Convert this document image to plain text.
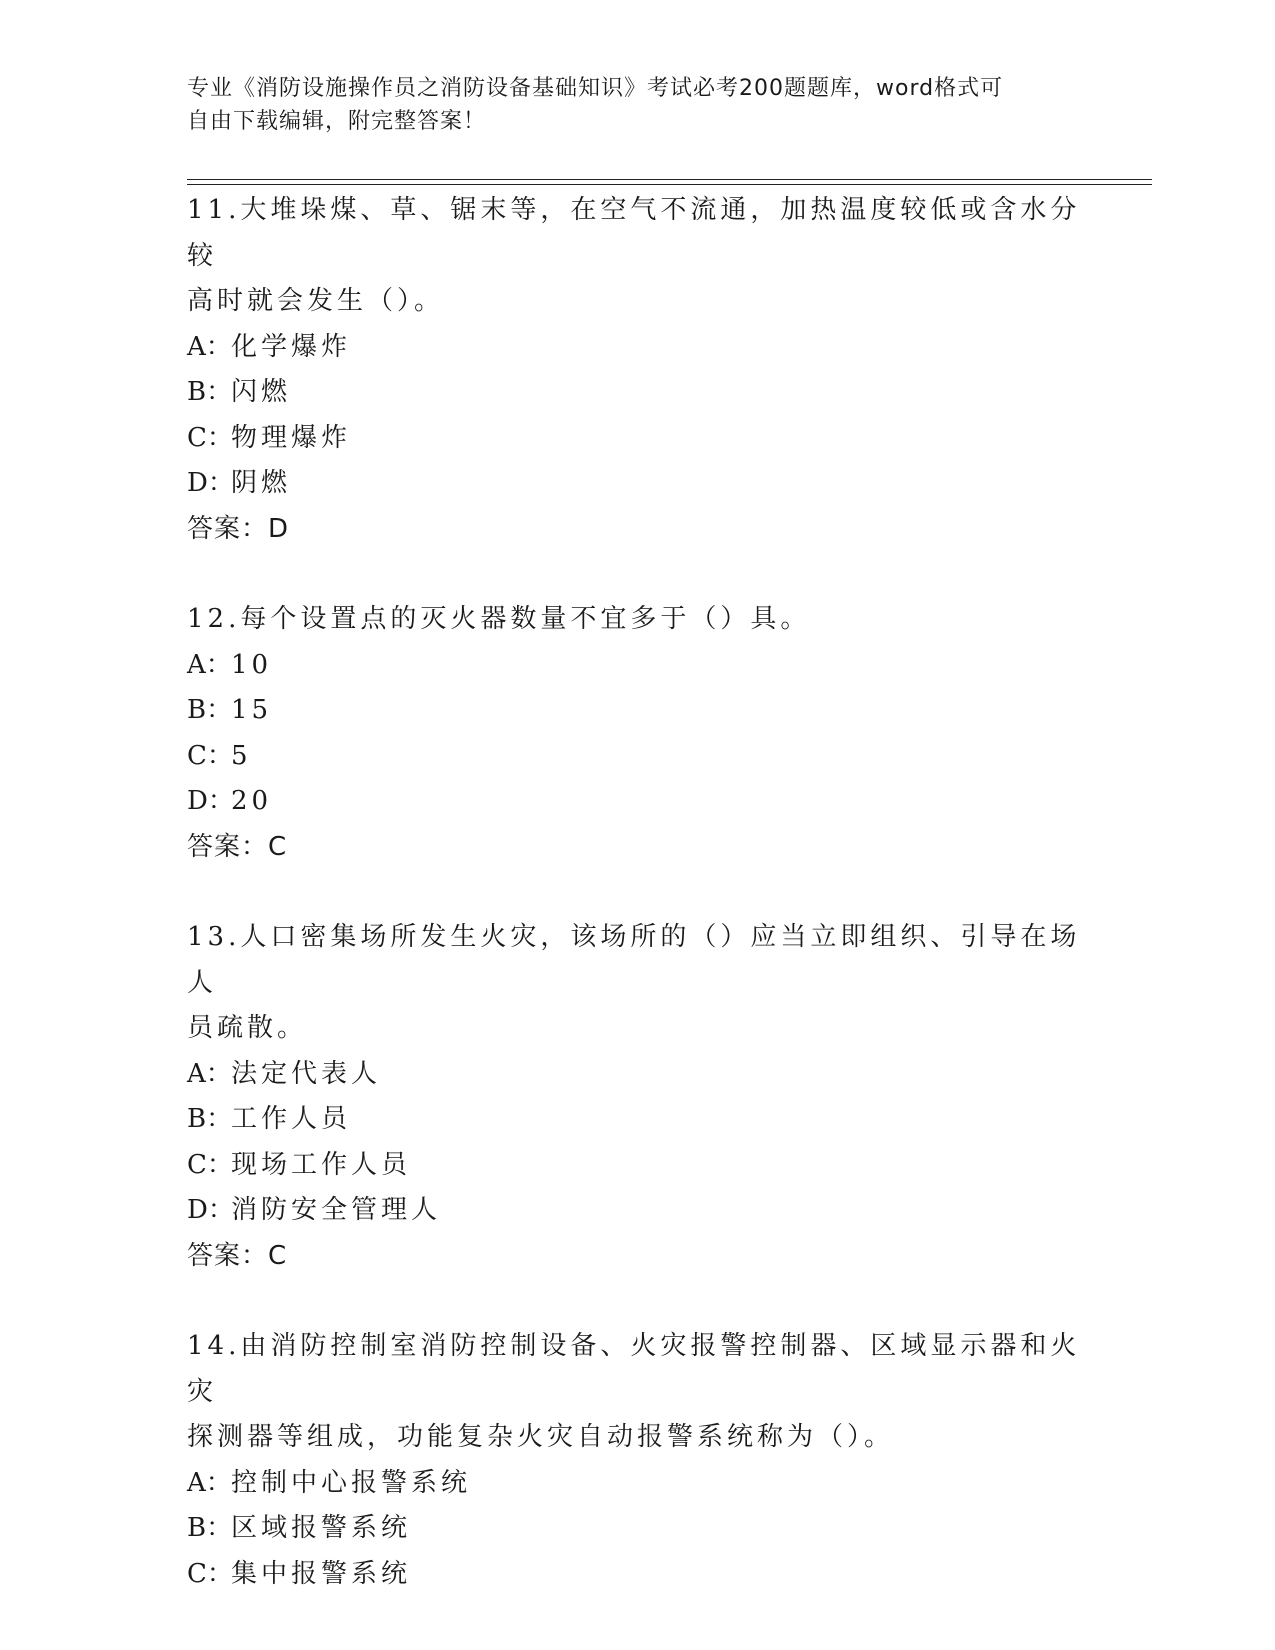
专业《消防设施操作员之消防设备基础知识》考试必考200题题库，word格式可
自由下载编辑，附完整答案！
11.大堆垛煤、草、锯末等，在空气不流通，加热温度较低或含水分较
高时就会发生（）。
A：化学爆炸
B：闪燃
C：物理爆炸
D：阴燃
答案：D
12.每个设置点的灭火器数量不宜多于（）具。
A：10
B：15
C：5
D：20
答案：C
13.人口密集场所发生火灾，该场所的（）应当立即组织、引导在场人
员疏散。
A：法定代表人
B：工作人员
C：现场工作人员
D：消防安全管理人
答案：C
14.由消防控制室消防控制设备、火灾报警控制器、区域显示器和火灾
探测器等组成，功能复杂火灾自动报警系统称为（）。
A：控制中心报警系统
B：区域报警系统
C：集中报警系统
